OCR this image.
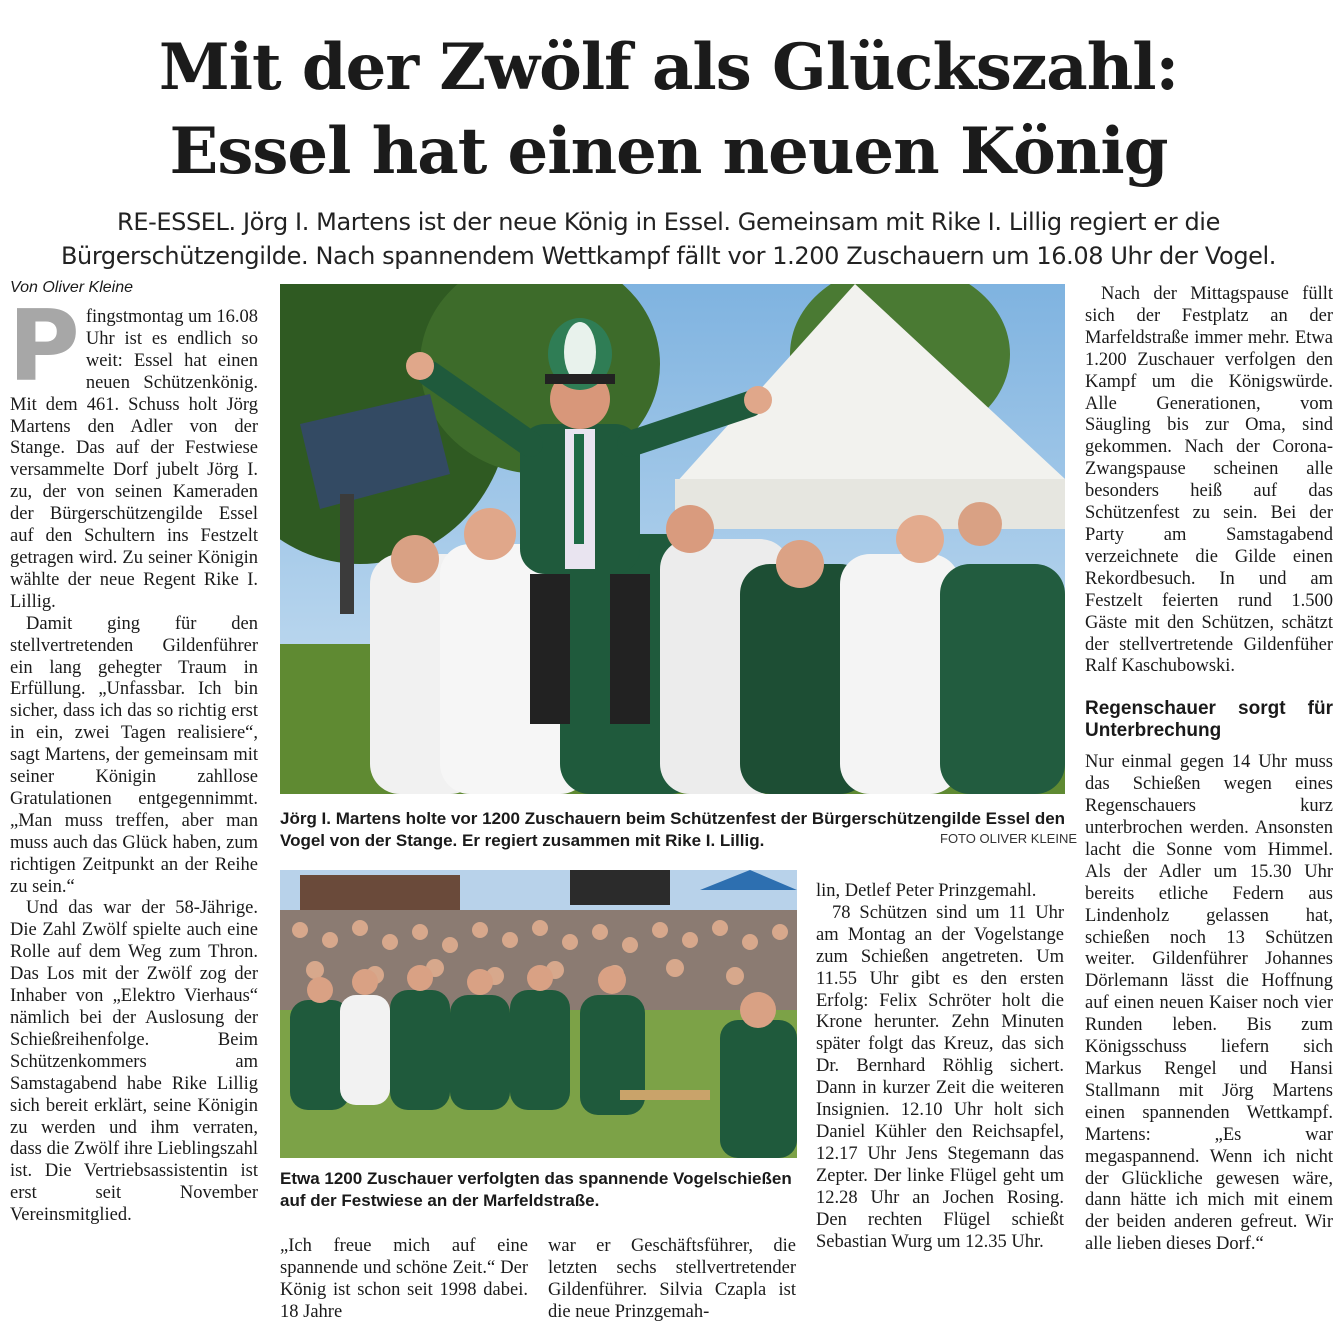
Mit der Zwölf als Glückszahl:
Essel hat einen neuen König
RE-ESSEL. Jörg I. Martens ist der neue König in Essel. Gemeinsam mit Rike I. Lillig regiert er die
Bürgerschützengilde. Nach spannendem Wettkampf fällt vor 1.200 Zuschauern um 16.08 Uhr der Vogel.
Von Oliver Kleine

Pfingstmontag um 16.08 Uhr ist es endlich so weit: Essel hat einen neuen Schützenkönig. Mit dem 461. Schuss holt Jörg Martens den Adler von der Stange. Das auf der Festwiese versammelte Dorf jubelt Jörg I. zu, der von seinen Kameraden der Bürgerschützengilde Essel auf den Schultern ins Festzelt getragen wird. Zu seiner Königin wählte der neue Regent Rike I. Lillig.

Damit ging für den stellvertretenden Gildenführer ein lang gehegter Traum in Erfüllung. „Unfassbar. Ich bin sicher, dass ich das so richtig erst in ein, zwei Tagen realisiere“, sagt Martens, der gemeinsam mit seiner Königin zahllose Gratulationen entgegennimmt. „Man muss treffen, aber man muss auch das Glück haben, zum richtigen Zeitpunkt an der Reihe zu sein.“

Und das war der 58-Jährige. Die Zahl Zwölf spielte auch eine Rolle auf dem Weg zum Thron. Das Los mit der Zwölf zog der Inhaber von „Elektro Vierhaus“ nämlich bei der Auslosung der Schießreihenfolge. Beim Schützenkommers am Samstagabend habe Rike Lillig sich bereit erklärt, seine Königin zu werden und ihm verraten, dass die Zwölf ihre Lieblingszahl ist. Die Vertriebsassistentin ist erst seit November Vereinsmitglied.

Jörg I. Martens holte vor 1200 Zuschauern beim Schützenfest der Bürgerschützengilde Essel den Vogel von der Stange. Er regiert zusammen mit Rike I. Lillig.	FOTO OLIVER KLEINE
Etwa 1200 Zuschauer verfolgten das spannende Vogelschießen auf der Festwiese an der Marfeldstraße.

„Ich freue mich auf eine spannende und schöne Zeit.“ Der König ist schon seit 1998 dabei. 18 Jahre

war er Geschäftsführer, die letzten sechs stellvertretender Gildenführer. Silvia Czapla ist die neue Prinzgemah-

lin, Detlef Peter Prinzgemahl.

78 Schützen sind um 11 Uhr am Montag an der Vogelstange zum Schießen angetreten. Um 11.55 Uhr gibt es den ersten Erfolg: Felix Schröter holt die Krone herunter. Zehn Minuten später folgt das Kreuz, das sich Dr. Bernhard Röhlig sichert. Dann in kurzer Zeit die weiteren Insignien. 12.10 Uhr holt sich Daniel Kühler den Reichsapfel, 12.17 Uhr Jens Stegemann das Zepter. Der linke Flügel geht um 12.28 Uhr an Jochen Rosing. Den rechten Flügel schießt Sebastian Wurg um 12.35 Uhr.

Nach der Mittagspause füllt sich der Festplatz an der Marfeldstraße immer mehr. Etwa 1.200 Zuschauer verfolgen den Kampf um die Königswürde. Alle Generationen, vom Säugling bis zur Oma, sind gekommen. Nach der Corona-Zwangspause scheinen alle besonders heiß auf das Schützenfest zu sein. Bei der Party am Samstagabend verzeichnete die Gilde einen Rekordbesuch. In und am Festzelt feierten rund 1.500 Gäste mit den Schützen, schätzt der stellvertretende Gildenfüher Ralf Kaschubowski.

Regenschauer sorgt für Unterbrechung

Nur einmal gegen 14 Uhr muss das Schießen wegen eines Regenschauers kurz unterbrochen werden. Ansonsten lacht die Sonne vom Himmel. Als der Adler um 15.30 Uhr bereits etliche Federn aus Lindenholz gelassen hat, schießen noch 13 Schützen weiter. Gildenführer Johannes Dörlemann lässt die Hoffnung auf einen neuen Kaiser noch vier Runden leben. Bis zum Königsschuss liefern sich Markus Rengel und Hansi Stallmann mit Jörg Martens einen spannenden Wettkampf. Martens: „Es war megaspannend. Wenn ich nicht der Glückliche gewesen wäre, dann hätte ich mich mit einem der beiden anderen gefreut. Wir alle lieben dieses Dorf.“
